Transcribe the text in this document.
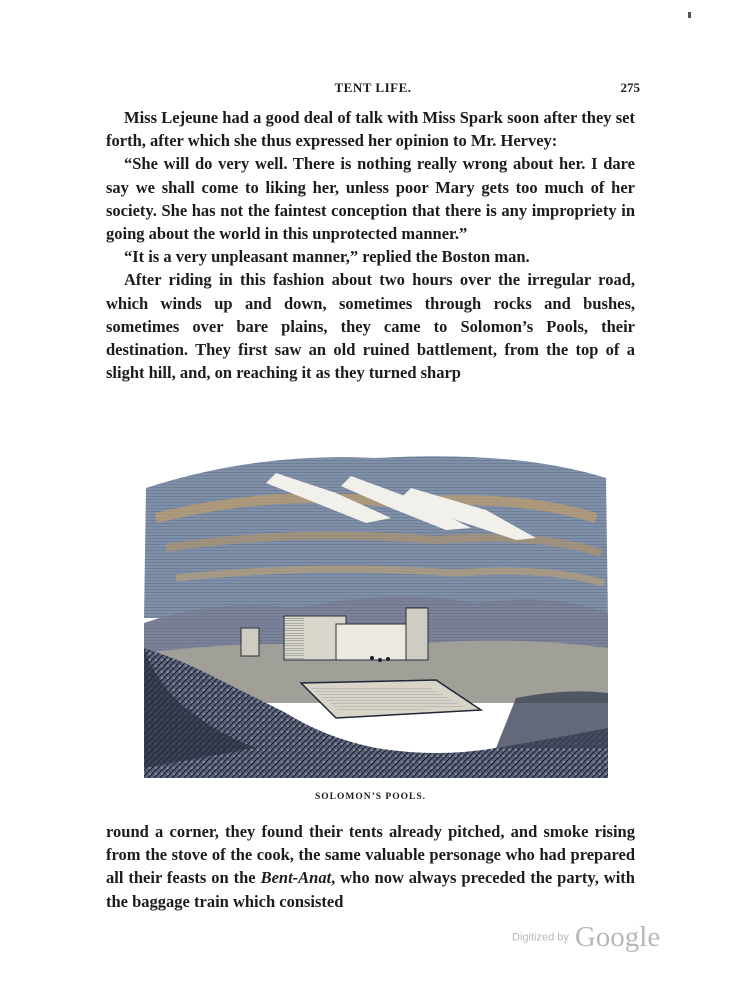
TENT LIFE.	275

Miss Lejeune had a good deal of talk with Miss Spark soon after they set forth, after which she thus expressed her opinion to Mr. Hervey:

“She will do very well. There is nothing really wrong about her. I dare say we shall come to liking her, unless poor Mary gets too much of her society. She has not the faintest conception that there is any impropriety in going about the world in this unprotected manner.”

“It is a very unpleasant manner,” replied the Boston man.

After riding in this fashion about two hours over the irregular road, which winds up and down, sometimes through rocks and bushes, sometimes over bare plains, they came to Solomon’s Pools, their destination. They first saw an old ruined battlement, from the top of a slight hill, and, on reaching it as they turned sharp

SOLOMON’S POOLS.

round a corner, they found their tents already pitched, and smoke rising from the stove of the cook, the same valuable personage who had prepared all their feasts on the Bent-Anat, who now always preceded the party, with the baggage train which consisted

Digitized by Google
